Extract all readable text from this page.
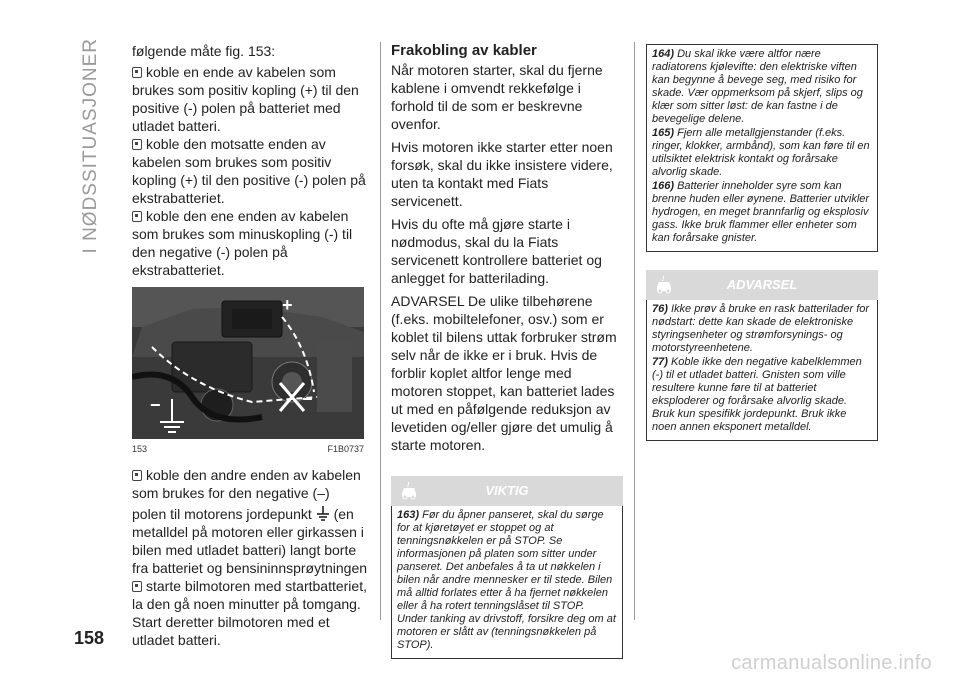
I NØDSSITUASJONER følgende måte fig. 153:

koble en ende av kabelen som brukes som positiv kopling (+) til den positive (-) polen på batteriet med utladet batteri.

koble den motsatte enden av kabelen som brukes som positiv kopling (+) til den positive (-) polen på ekstrabatteriet.

koble den ene enden av kabelen som brukes som minuskopling (-) til den negative (-) polen på ekstrabatteriet.

+
−	−
153	F1B0737

koble den andre enden av kabelen som brukes for den negative (–)

polen til motorens jordepunkt (en metalldel på motoren eller girkassen i bilen med utladet batteri) langt borte fra batteriet og bensininnsprøytningen

starte bilmotoren med startbatteriet, la den gå noen minutter på tomgang. Start deretter bilmotoren med et utladet batteri.

Frakobling av kabler

Når motoren starter, skal du fjerne kablene i omvendt rekkefølge i forhold til de som er beskrevne ovenfor.

Hvis motoren ikke starter etter noen forsøk, skal du ikke insistere videre, uten ta kontakt med Fiats servicenett.

Hvis du ofte må gjøre starte i nødmodus, skal du la Fiats servicenett kontrollere batteriet og anlegget for batterilading.

ADVARSEL De ulike tilbehørene (f.eks. mobiltelefoner, osv.) som er koblet til bilens uttak forbruker strøm selv når de ikke er i bruk. Hvis de forblir koplet altfor lenge med motoren stoppet, kan batteriet lades ut med en påfølgende reduksjon av levetiden og/eller gjøre det umulig å starte motoren.

!	VIKTIG

163) Før du åpner panseret, skal du sørge for at kjøretøyet er stoppet og at tenningsnøkkelen er på STOP. Se informasjonen på platen som sitter under panseret. Det anbefales å ta ut nøkkelen i bilen når andre mennesker er til stede. Bilen må alltid forlates etter å ha fjernet nøkkelen eller å ha rotert tenningslåset til STOP. Under tanking av drivstoff, forsikre deg om at motoren er slått av (tenningsnøkkelen på STOP).

164) Du skal ikke være altfor nære radiatorens kjølevifte: den elektriske viften kan begynne å bevege seg, med risiko for skade. Vær oppmerksom på skjerf, slips og klær som sitter løst: de kan fastne i de bevegelige delene.

165) Fjern alle metallgjenstander (f.eks. ringer, klokker, armbånd), som kan føre til en utilsiktet elektrisk kontakt og forårsake alvorlig skade.

166) Batterier inneholder syre som kan brenne huden eller øynene. Batterier utvikler hydrogen, en meget brannfarlig og eksplosiv gass. Ikke bruk flammer eller enheter som kan forårsake gnister.

!	ADVARSEL

76) Ikke prøv å bruke en rask batterilader for nødstart: dette kan skade de elektroniske styringsenheter og strømforsynings- og motorstyreenhetene.

77) Koble ikke den negative kabelklemmen (-) til et utladet batteri. Gnisten som ville resultere kunne føre til at batteriet eksploderer og forårsake alvorlig skade. Bruk kun spesifikk jordepunkt. Bruk ikke noen annen eksponert metalldel.

158
carmanualsonline.info
